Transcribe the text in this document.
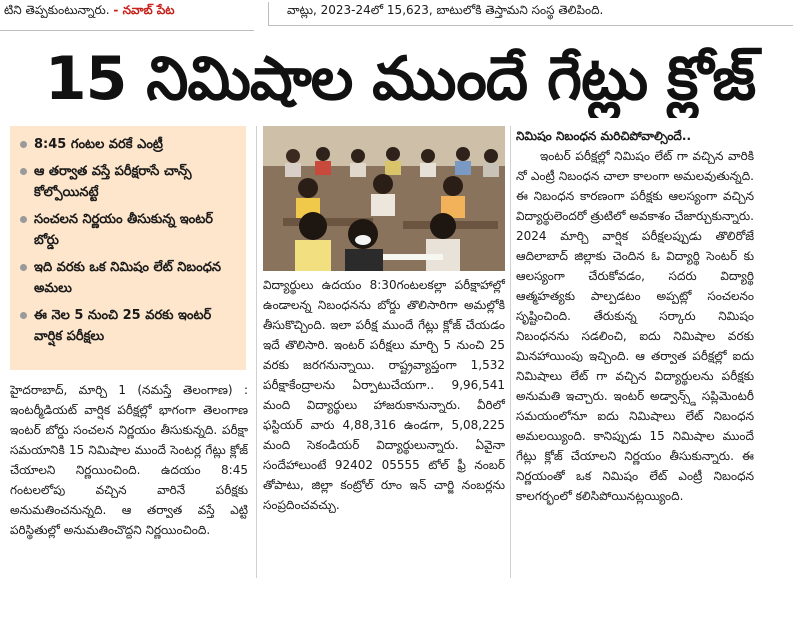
టిని తెప్పకుంటున్నారు. - నవాబ్ పేట	వాట్లు, 2023-24లో 15,623, బాటులోకి తెస్తామని సంస్థ తెలిపింది.
15 నిమిషాల ముందే గేట్లు క్లోజ్
8:45 గంటల వరకే ఎంట్రీ
ఆ తర్వాత వస్తే పరీక్షరాసే చాన్స్ కోల్పోయినట్టే
సంచలన నిర్ణయం తీసుకున్న ఇంటర్ బోర్డు
ఇది వరకు ఒక నిమిషం లేట్ నిబంధన అమలు
ఈ నెల 5 నుంచి 25 వరకు ఇంటర్ వార్షిక పరీక్షలు
హైదరాబాద్, మార్చి 1 (నమస్తే తెలంగాణ) : ఇంటర్మీడియట్ వార్షిక పరీక్షల్లో భాగంగా తెలంగాణ ఇంటర్ బోర్డు సంచలన నిర్ణయం తీసుకున్నది. పరీక్షా సమయానికి 15 నిమిషాల ముందే సెంటర్ల గేట్లు క్లోజ్ చేయాలని నిర్ణయించింది. ఉదయం 8:45 గంటలలోపు వచ్చిన వారినే పరీక్షకు అనుమతించనున్నది. ఆ తర్వాత వస్తే ఎట్టి పరిస్థితుల్లో అనుమతించొద్దని నిర్ణయించింది.
విద్యార్థులు ఉదయం 8:30గంటలకల్లా పరీక్షాహాల్లో ఉండాలన్న నిబంధనను బోర్డు తొలిసారిగా అమల్లోకి తీసుకొచ్చింది. ఇలా పరీక్ష ముందే గేట్లు క్లోజ్ చేయడం ఇదే తొలిసారి. ఇంటర్ పరీక్షలు మార్చి 5 నుంచి 25 వరకు జరగనున్నాయి. రాష్ట్రవ్యాప్తంగా 1,532 పరీక్షాకేంద్రాలను ఏర్పాటుచేయగా.. 9,96,541 మంది విద్యార్థులు హాజరుకానున్నారు. వీరిలో ఫస్టియర్ వారు 4,88,316 ఉండగా, 5,08,225 మంది సెకండియర్ విద్యార్థులున్నారు. ఏవైనా సందేహాలుంటే 92402 05555 టోల్ ఫ్రీ నంబర్ తోపాటు, జిల్లా కంట్రోల్ రూం ఇన్ చార్జి నంబర్లను సంప్రదించవచ్చు.
నిమిషం నిబంధన మరిచిపోవాల్సిందే..
ఇంటర్ పరీక్షల్లో నిమిషం లేట్ గా వచ్చిన వారికి నో ఎంట్రీ నిబంధన చాలా కాలంగా అమలవుతున్నది. ఈ నిబంధన కారణంగా పరీక్షకు ఆలస్యంగా వచ్చిన విద్యార్థులెందరో త్రుటిలో అవకాశం చేజార్చుకున్నారు. 2024 మార్చి వార్షిక పరీక్షలప్పుడు తొలిరోజే ఆదిలాబాద్ జిల్లాకు చెందిన ఓ విద్యార్థి సెంటర్ కు ఆలస్యంగా చేరుకోవడం, సదరు విద్యార్థి ఆత్మహత్యకు పాల్పడటం అప్పట్లో సంచలనం సృష్టించింది. తేరుకున్న సర్కారు నిమిషం నిబంధనను సడలించి, ఐదు నిమిషాల వరకు మినహాయింపు ఇచ్చింది. ఆ తర్వాత పరీక్షల్లో ఐదు నిమిషాలు లేట్ గా వచ్చిన విద్యార్థులను పరీక్షకు అనుమతి ఇచ్చారు. ఇంటర్ అడ్వాన్స్డ్ సప్లిమెంటరీ సమయంలోనూ ఐదు నిమిషాలు లేట్ నిబంధన అమలయ్యింది. కానిప్పుడు 15 నిమిషాల ముందే గేట్లు క్లోజ్ చేయాలని నిర్ణయం తీసుకున్నారు. ఈ నిర్ణయంతో ఒక నిమిషం లేట్ ఎంట్రీ నిబంధన కాలగర్భంలో కలిసిపోయినట్లయ్యింది.
